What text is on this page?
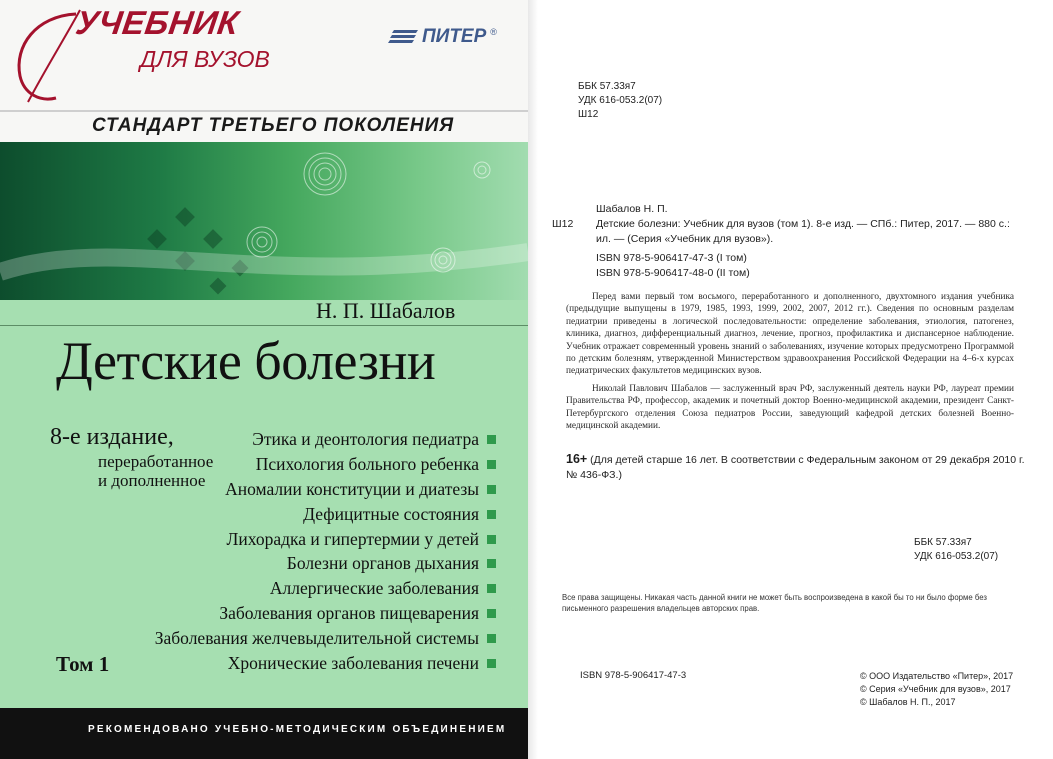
УЧЕБНИК
ДЛЯ ВУЗОВ
ПИТЕР ®
СТАНДАРТ ТРЕТЬЕГО ПОКОЛЕНИЯ
Н. П. Шабалов
Детские болезни
8-е издание,
переработанное
и дополненное
Этика и деонтология педиатра
Психология больного ребенка
Аномалии конституции и диатезы
Дефицитные состояния
Лихорадка и гипертермии у детей
Болезни органов дыхания
Аллергические заболевания
Заболевания органов пищеварения
Заболевания желчевыделительной системы
Хронические заболевания печени
Том 1
РЕКОМЕНДОВАНО УЧЕБНО-МЕТОДИЧЕСКИМ ОБЪЕДИНЕНИЕМ

ББК 57.33я7
УДК 616-053.2(07)
Ш12
Ш12
Шабалов Н. П.
Детские болезни: Учебник для вузов (том 1). 8-е изд. — СПб.: Питер, 2017. — 880 с.: ил. — (Серия «Учебник для вузов»).
ISBN 978-5-906417-47-3 (I том)
ISBN 978-5-906417-48-0 (II том)

Перед вами первый том восьмого, переработанного и дополненного, двухтомного издания учебника (предыдущие выпущены в 1979, 1985, 1993, 1999, 2002, 2007, 2012 гг.). Сведения по основным разделам педиатрии приведены в логической последовательности: определение заболевания, этиология, патогенез, клиника, диагноз, дифференциальный диагноз, лечение, прогноз, профилактика и диспансерное наблюдение. Учебник отражает современный уровень знаний о заболеваниях, изучение которых предусмотрено Программой по детским болезням, утвержденной Министерством здравоохранения Российской Федерации на 4–6-х курсах педиатрических факультетов медицинских вузов.

Николай Павлович Шабалов — заслуженный врач РФ, заслуженный деятель науки РФ, лауреат премии Правительства РФ, профессор, академик и почетный доктор Военно-медицинской академии, президент Санкт-Петербургского отделения Союза педиатров России, заведующий кафедрой детских болезней Военно-медицинской академии.

16+ (Для детей старше 16 лет. В соответствии с Федеральным законом от 29 декабря 2010 г. № 436-ФЗ.)
ББК 57.33я7
УДК 616-053.2(07)
Все права защищены. Никакая часть данной книги не может быть воспроизведена в какой бы то ни было форме без письменного разрешения владельцев авторских прав.
ISBN 978-5-906417-47-3	© ООО Издательство «Питер», 2017
© Серия «Учебник для вузов», 2017
© Шабалов Н. П., 2017
